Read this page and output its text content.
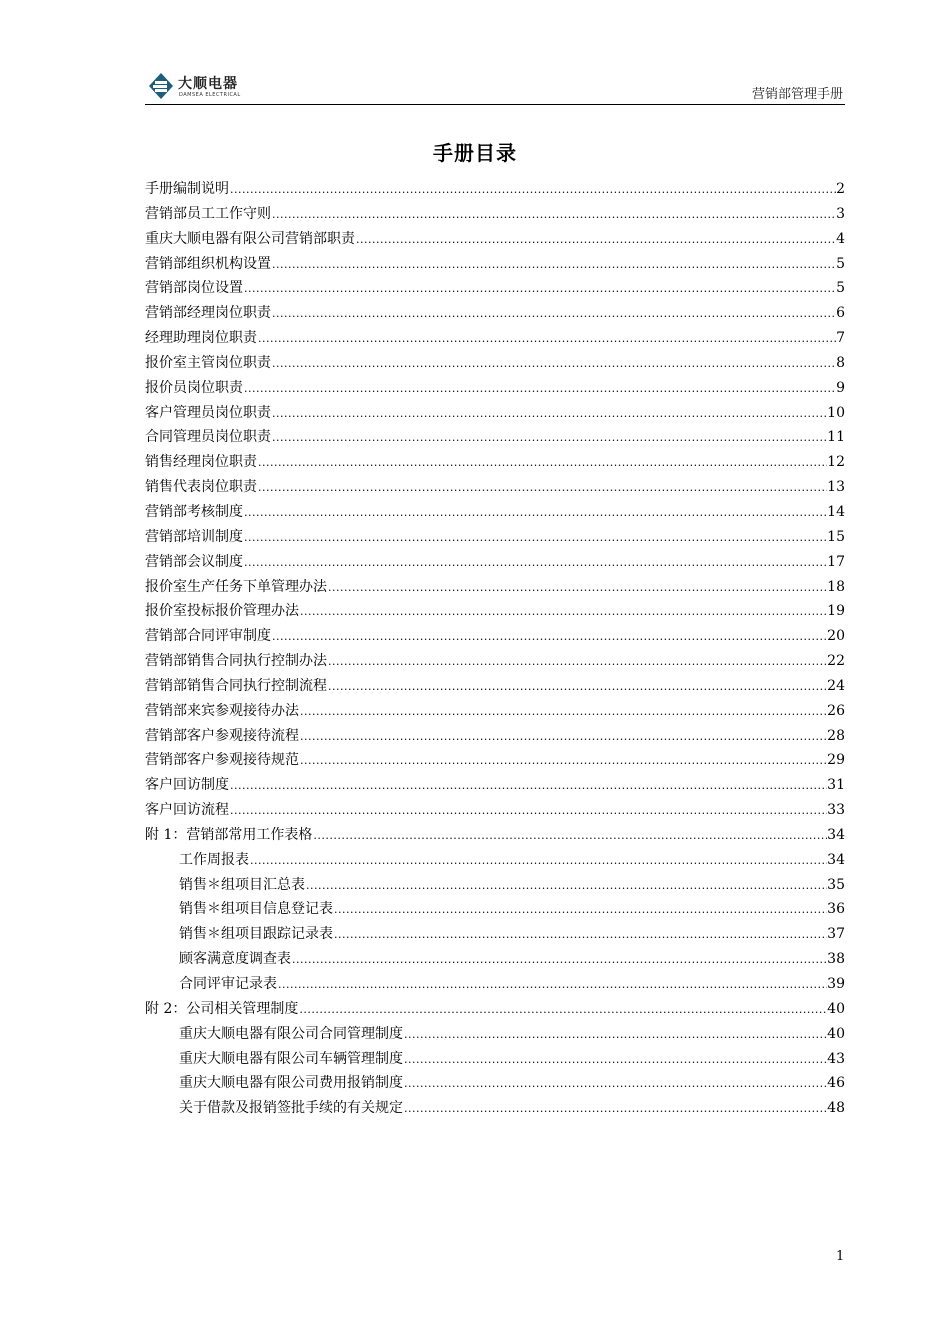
大顺电器
DAMSEA ELECTRICAL	营销部管理手册
手册目录
手册编制说明 .....	2
营销部员工工作守则 .....	3
重庆大顺电器有限公司营销部职责 .....	4
营销部组织机构设置 .....	5
营销部岗位设置 .....	5
营销部经理岗位职责 .....	6
经理助理岗位职责 .....	7
报价室主管岗位职责 .....	8
报价员岗位职责 .....	9
客户管理员岗位职责 .....	10
合同管理员岗位职责 .....	11
销售经理岗位职责 .....	12
销售代表岗位职责 .....	13
营销部考核制度 .....	14
营销部培训制度 .....	15
营销部会议制度 .....	17
报价室生产任务下单管理办法 .....	18
报价室投标报价管理办法 .....	19
营销部合同评审制度 .....	20
营销部销售合同执行控制办法 .....	22
营销部销售合同执行控制流程 .....	24
营销部来宾参观接待办法 .....	26
营销部客户参观接待流程 .....	28
营销部客户参观接待规范 .....	29
客户回访制度 .....	31
客户回访流程 .....	33
附 1：营销部常用工作表格 .....	34
工作周报表 .....	34
销售＊组项目汇总表 .....	35
销售＊组项目信息登记表 .....	36
销售＊组项目跟踪记录表 .....	37
顾客满意度调查表 .....	38
合同评审记录表 .....	39
附 2：公司相关管理制度 .....	40
重庆大顺电器有限公司合同管理制度 .....	40
重庆大顺电器有限公司车辆管理制度 .....	43
重庆大顺电器有限公司费用报销制度 .....	46
关于借款及报销签批手续的有关规定 .....	48
1
